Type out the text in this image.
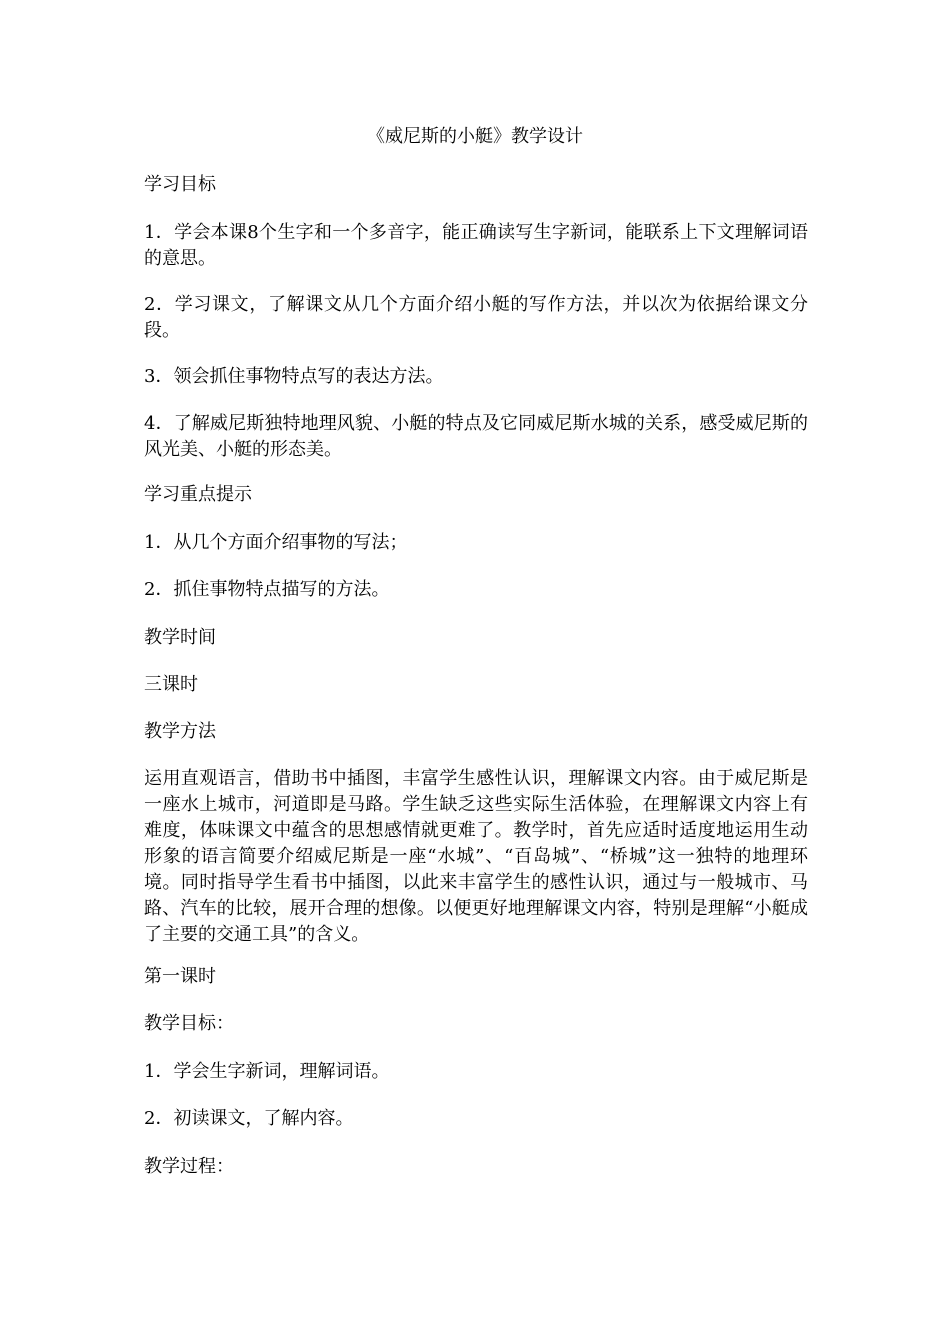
《威尼斯的小艇》教学设计
学习目标
1．学会本课8个生字和一个多音字，能正确读写生字新词，能联系上下文理解词语的意思。
2．学习课文，了解课文从几个方面介绍小艇的写作方法，并以次为依据给课文分段。
3．领会抓住事物特点写的表达方法。
4．了解威尼斯独特地理风貌、小艇的特点及它同威尼斯水城的关系，感受威尼斯的风光美、小艇的形态美。
学习重点提示
1．从几个方面介绍事物的写法；
2．抓住事物特点描写的方法。
教学时间
三课时
教学方法
运用直观语言，借助书中插图，丰富学生感性认识，理解课文内容。由于威尼斯是一座水上城市，河道即是马路。学生缺乏这些实际生活体验，在理解课文内容上有难度，体味课文中蕴含的思想感情就更难了。教学时，首先应适时适度地运用生动形象的语言简要介绍威尼斯是一座“水城”、“百岛城”、“桥城”这一独特的地理环境。同时指导学生看书中插图，以此来丰富学生的感性认识，通过与一般城市、马路、汽车的比较，展开合理的想像。以便更好地理解课文内容，特别是理解“小艇成了主要的交通工具”的含义。
第一课时
教学目标：
1．学会生字新词，理解词语。
2．初读课文，了解内容。
教学过程：
